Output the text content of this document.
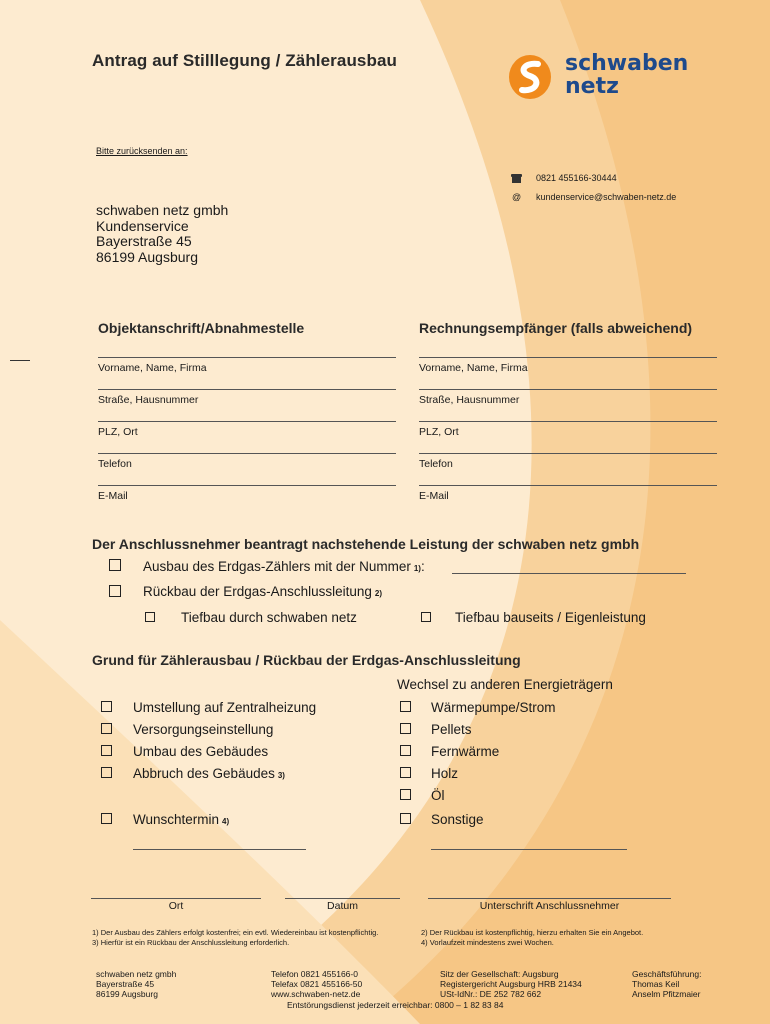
Antrag auf Stilllegung / Zählerausbau	schwaben
netz
Bitte zurücksenden an:
0821 455166-30444
@ kundenservice@schwaben-netz.de
schwaben netz gmbh
Kundenservice
Bayerstraße 45
86199 Augsburg
Objektanschrift/Abnahmestelle
Vorname, Name, Firma
Straße, Hausnummer
PLZ, Ort
Telefon
E-Mail
Rechnungsempfänger (falls abweichend)
Vorname, Name, Firma
Straße, Hausnummer
PLZ, Ort
Telefon
E-Mail
Der Anschlussnehmer beantragt nachstehende Leistung der schwaben netz gmbh
Ausbau des Erdgas-Zählers mit der Nummer 1):
Rückbau der Erdgas-Anschlussleitung 2)
Tiefbau durch schwaben netz	Tiefbau bauseits / Eigenleistung
Grund für Zählerausbau / Rückbau der Erdgas-Anschlussleitung
Wechsel zu anderen Energieträgern
Umstellung auf Zentralheizung
Versorgungseinstellung
Umbau des Gebäudes
Abbruch des Gebäudes 3)
Wärmepumpe/Strom
Pellets
Fernwärme
Holz
Öl
Sonstige
Wunschtermin 4)
Ort	Datum	Unterschrift Anschlussnehmer
1) Der Ausbau des Zählers erfolgt kostenfrei; ein evtl. Wiedereinbau ist kostenpflichtig.
3) Hierfür ist ein Rückbau der Anschlussleitung erforderlich.
2) Der Rückbau ist kostenpflichtig, hierzu erhalten Sie ein Angebot.
4) Vorlaufzeit mindestens zwei Wochen.
schwaben netz gmbh
Bayerstraße 45
86199 Augsburg
Telefon 0821 455166-0
Telefax 0821 455166-50
www.schwaben-netz.de
Sitz der Gesellschaft: Augsburg
Registergericht Augsburg HRB 21434
USt-IdNr.: DE 252 782 662
Geschäftsführung:
Thomas Keil
Anselm Pfitzmaier
Entstörungsdienst jederzeit erreichbar: 0800 – 1 82 83 84
